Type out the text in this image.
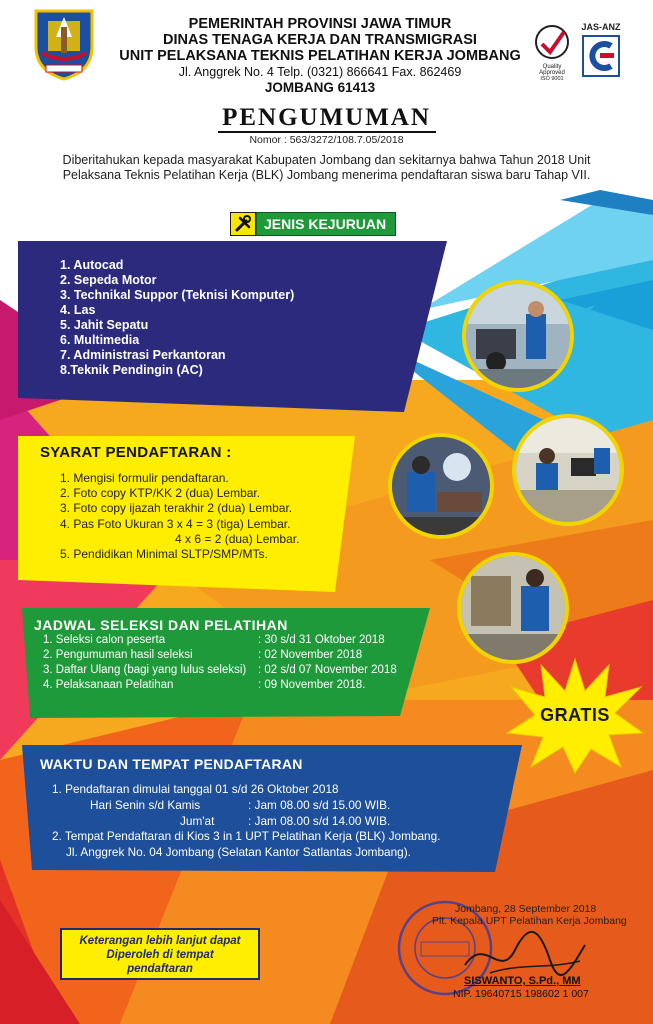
PEMERINTAH PROVINSI JAWA TIMUR
DINAS TENAGA KERJA DAN TRANSMIGRASI
UNIT PELAKSANA TEKNIS PELATIHAN KERJA JOMBANG
Jl. Anggrek No. 4 Telp. (0321) 866641 Fax. 862469
JOMBANG 61413
Quality
Approved
ISO 9001
JAS-ANZ
PENGUMUMAN
Nomor : 563/3272/108.7.05/2018
Diberitahukan kepada masyarakat Kabupaten Jombang dan sekitarnya bahwa Tahun 2018 Unit Pelaksana Teknis Pelatihan Kerja (BLK) Jombang menerima pendaftaran siswa baru Tahap VII.
JENIS KEJURUAN
1. Autocad
2. Sepeda Motor
3. Technikal Suppor (Teknisi Komputer)
4. Las
5. Jahit Sepatu
6. Multimedia
7. Administrasi Perkantoran
8.Teknik Pendingin (AC)
SYARAT PENDAFTARAN :
1. Mengisi formulir pendaftaran.
2. Foto copy KTP/KK 2 (dua) Lembar.
3. Foto copy ijazah terakhir 2 (dua) Lembar.
4. Pas Foto Ukuran 3 x 4 = 3 (tiga) Lembar.
4 x 6 = 2 (dua) Lembar.
5. Pendidikan Minimal SLTP/SMP/MTs.
JADWAL SELEKSI DAN PELATIHAN
1. Seleksi calon peserta	: 30 s/d 31 Oktober 2018
2. Pengumuman hasil seleksi	: 02 November 2018
3. Daftar Ulang (bagi yang lulus seleksi)	: 02 s/d 07 November 2018
4. Pelaksanaan Pelatihan	: 09 November 2018.
GRATIS
WAKTU DAN TEMPAT PENDAFTARAN
1. Pendaftaran dimulai tanggal 01 s/d 26 Oktober 2018
Hari Senin s/d Kamis	: Jam 08.00 s/d 15.00 WIB.
Jum'at	: Jam 08.00 s/d 14.00 WIB.
2. Tempat Pendaftaran di Kios 3 in 1 UPT Pelatihan Kerja (BLK) Jombang.
Jl. Anggrek No. 04 Jombang (Selatan Kantor Satlantas Jombang).
Keterangan lebih lanjut dapat
Diperoleh di tempat
pendaftaran
Jombang, 28 September 2018
Plt. Kepala UPT Pelatihan Kerja Jombang
SISWANTO, S.Pd., MM
NIP. 19640715 198602 1 007
